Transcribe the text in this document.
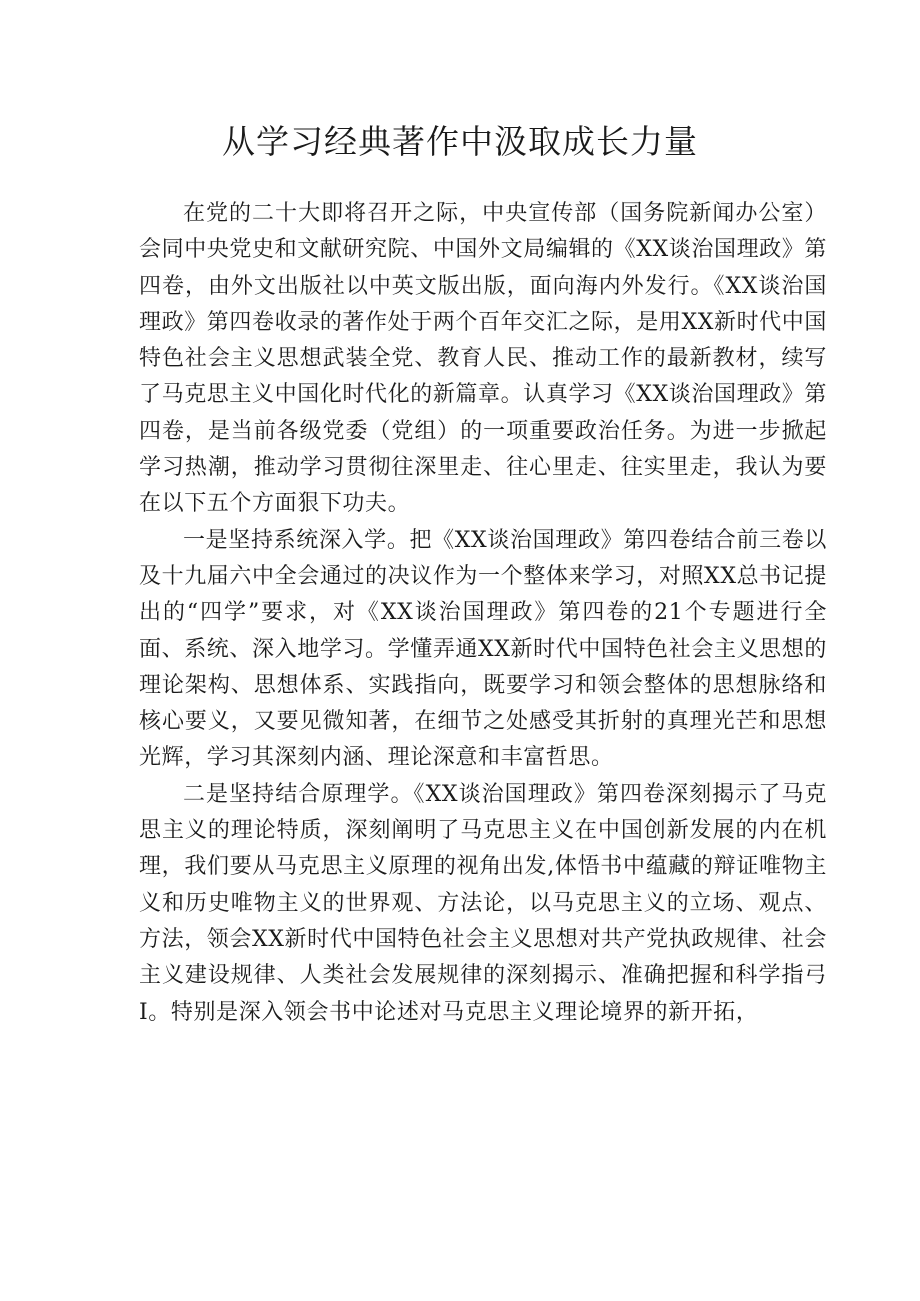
从学习经典著作中汲取成长力量

在党的二十大即将召开之际，中央宣传部（国务院新闻办公室）会同中央党史和文献研究院、中国外文局编辑的《XX谈治国理政》第四卷，由外文出版社以中英文版出版，面向海内外发行。《XX谈治国理政》第四卷收录的著作处于两个百年交汇之际，是用XX新时代中国特色社会主义思想武装全党、教育人民、推动工作的最新教材，续写了马克思主义中国化时代化的新篇章。认真学习《XX谈治国理政》第四卷，是当前各级党委（党组）的一项重要政治任务。为进一步掀起学习热潮，推动学习贯彻往深里走、往心里走、往实里走，我认为要在以下五个方面狠下功夫。

一是坚持系统深入学。把《XX谈治国理政》第四卷结合前三卷以及十九届六中全会通过的决议作为一个整体来学习，对照XX总书记提出的“四学”要求，对《XX谈治国理政》第四卷的21个专题进行全面、系统、深入地学习。学懂弄通XX新时代中国特色社会主义思想的理论架构、思想体系、实践指向，既要学习和领会整体的思想脉络和核心要义，又要见微知著，在细节之处感受其折射的真理光芒和思想光辉，学习其深刻内涵、理论深意和丰富哲思。

二是坚持结合原理学。《XX谈治国理政》第四卷深刻揭示了马克思主义的理论特质，深刻阐明了马克思主义在中国创新发展的内在机理，我们要从马克思主义原理的视角出发,体悟书中蕴藏的辩证唯物主义和历史唯物主义的世界观、方法论，以马克思主义的立场、观点、方法，领会XX新时代中国特色社会主义思想对共产党执政规律、社会主义建设规律、人类社会发展规律的深刻揭示、准确把握和科学指弓I。特别是深入领会书中论述对马克思主义理论境界的新开拓，
